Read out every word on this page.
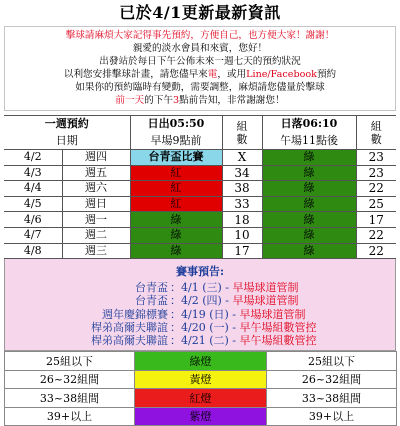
已於4/1更新最新資訊
擊球請麻煩大家記得事先預約，方便自己，也方便大家！謝謝！
親愛的淡水會員和來賓，您好！
出發站於每日下午公佈未來一週七天的預約狀況
以利您安排擊球計畫，請您儘早來電，或用Line/Facebook預約
如果你的預約臨時有變動，需要調整，麻煩請您儘量於擊球
前一天的下午3點前告知，非常謝謝您！
一週預約		日出05:50	組數	日落06:10	組數
日期		早場9點前		午場11點後	
4/2	週四	台青盃比賽	X	綠	23
4/3	週五	紅	34	綠	23
4/4	週六	紅	38	綠	22
4/5	週日	紅	33	綠	25
4/6	週一	綠	18	綠	17
4/7	週二	綠	10	綠	22
4/8	週三	綠	17	綠	22
賽事預告:
台青盃 ：4/1 (三) - 早場球道管制
台青盃 ：4/2 (四) - 早場球道管制
週年慶錦標賽 ：4/19 (日) - 早場球道管制
桿弟高爾夫聯誼 ：4/20 (一) - 早午場組數管控
桿弟高爾夫聯誼 ：4/21 (二) - 早午場組數管控
25組以下	綠燈	25組以下
26~32組間	黃燈	26~32組間
33~38組間	紅燈	33~38組間
39+以上	紫燈	39+以上
